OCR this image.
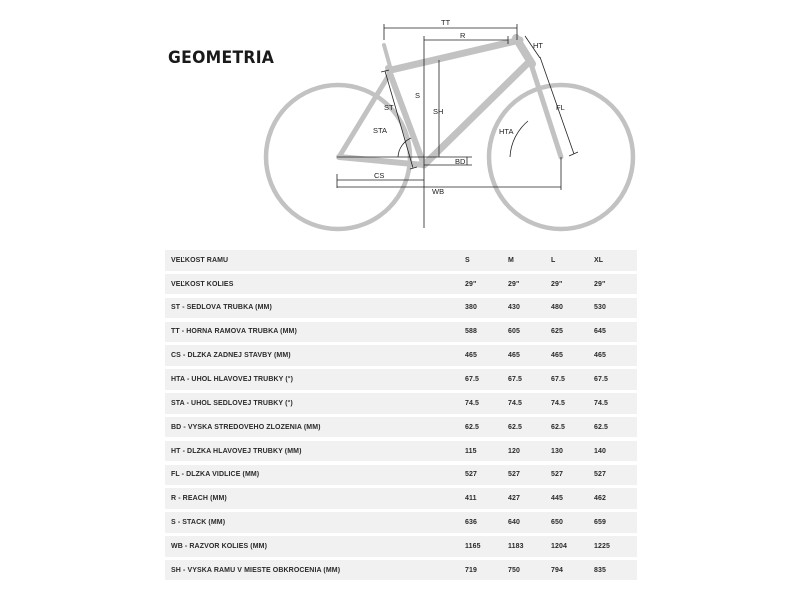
GEOMETRIA
TT
R
HT
ST
S
SH
STA	HTA
FL
BD
CS
WB
VEĽKOSŤ RÁMU	S	M	L	XL
VEĽKOSŤ KOLIES	29"	29"	29"	29"
ST - SEDLOVÁ TRUBKA (MM)	380	430	480	530
TT - HORNÁ RÁMOVÁ TRUBKA (MM)	588	605	625	645
CS - DĹŽKA ZADNEJ STAVBY (MM)	465	465	465	465
HTA - UHOL HLAVOVEJ TRUBKY (°)	67.5	67.5	67.5	67.5
STA - UHOL SEDLOVEJ TRUBKY (°)	74.5	74.5	74.5	74.5
BD - VÝŠKA STREDOVÉHO ZLOŽENIA (MM)	62.5	62.5	62.5	62.5
HT - DĹŽKA HLAVOVEJ TRUBKY (MM)	115	120	130	140
FL - DĹŽKA VIDLICE (MM)	527	527	527	527
R - REACH (MM)	411	427	445	462
S - STACK (MM)	636	640	650	659
WB - RÁZVOR KOLIES (MM)	1165	1183	1204	1225
SH - VÝŠKA RÁMU V MIESTE OBKROČENIA (MM)	719	750	794	835
